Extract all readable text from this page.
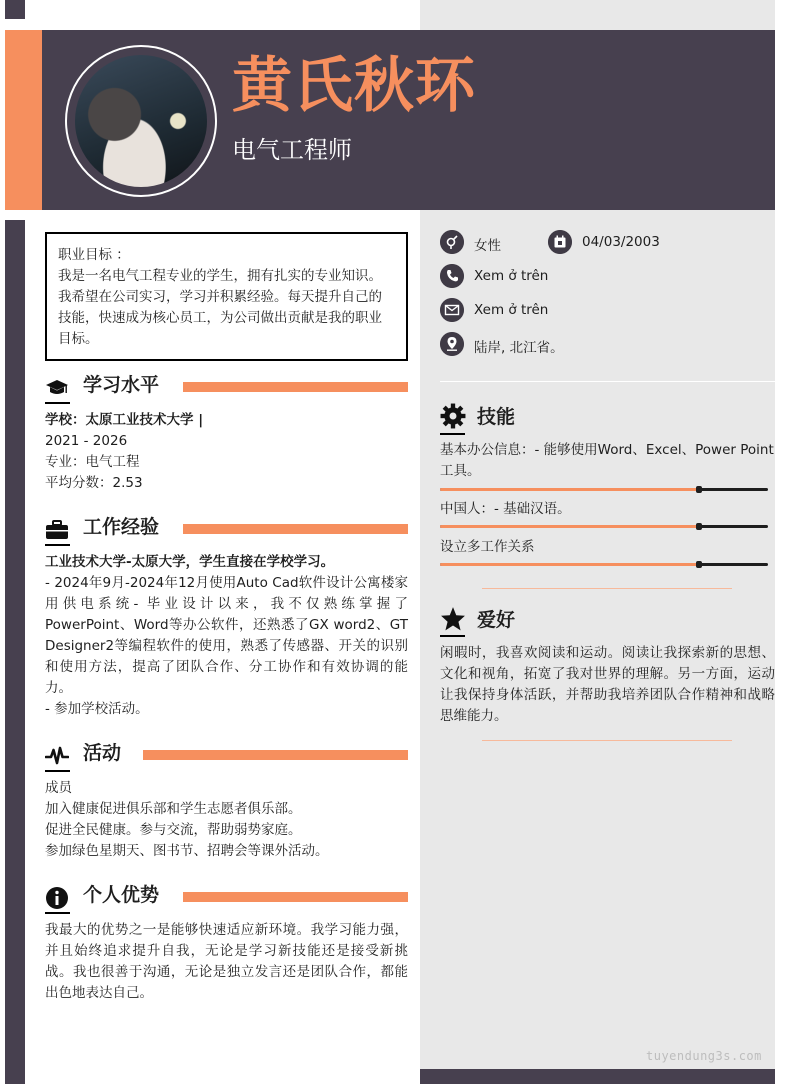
黄氏秋环
电气工程师

职业目标 ：

我是一名电气工程专业的学生，拥有扎实的专业知识。我希望在公司实习，学习并积累经验。每天提升自己的技能，快速成为核心员工，为公司做出贡献是我的职业目标。

学习水平
学校：太原工业技术大学 |
2021 - 2026
专业：电气工程
平均分数：2.53
工作经验
工业技术大学-太原大学，学生直接在学校学习。
- 2024年9月-2024年12月使用Auto Cad软件设计公寓楼家用供电系统- 毕业设计以来，我不仅熟练掌握了PowerPoint、Word等办公软件，还熟悉了GX word2、GT Designer2等编程软件的使用，熟悉了传感器、开关的识别和使用方法，提高了团队合作、分工协作和有效协调的能力。
- 参加学校活动。
活动
成员
加入健康促进俱乐部和学生志愿者俱乐部。
促进全民健康。参与交流，帮助弱势家庭。
参加绿色星期天、图书节、招聘会等课外活动。
个人优势
我最大的优势之一是能够快速适应新环境。我学习能力强，并且始终追求提升自我，无论是学习新技能还是接受新挑战。我也很善于沟通，无论是独立发言还是团队合作，都能出色地表达自己。
女性	04/03/2003
Xem ở trên
Xem ở trên
陆岸, 北江省。
技能
基本办公信息：- 能够使用Word、Excel、Power Point工具。
中国人：- 基础汉语。
设立多工作关系
爱好
闲暇时，我喜欢阅读和运动。阅读让我探索新的思想、文化和视角，拓宽了我对世界的理解。另一方面，运动让我保持身体活跃，并帮助我培养团队合作精神和战略思维能力。
tuyendung3s.com
